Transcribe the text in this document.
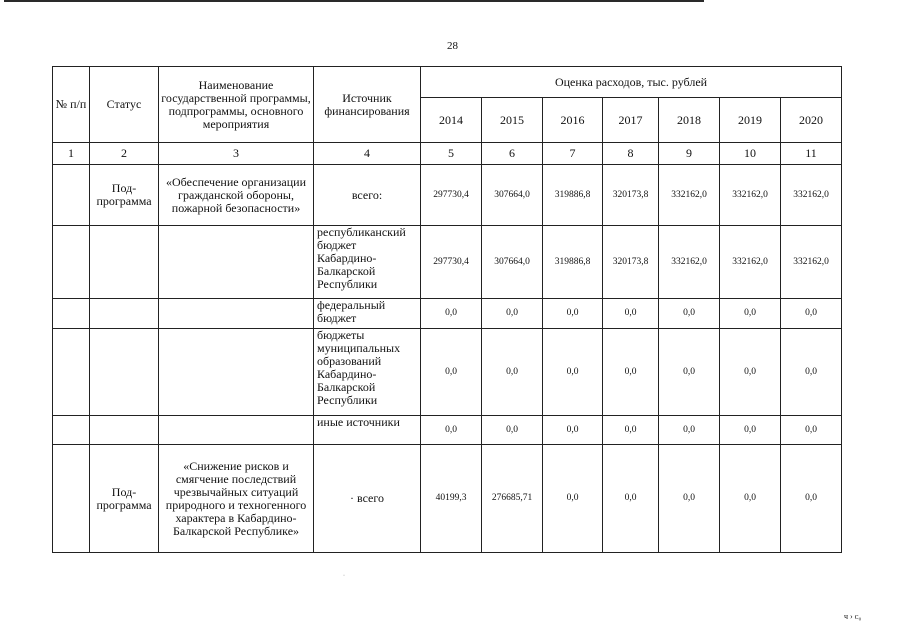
28
№ п/п	Статус	Наименование государственной программы, подпрограммы, основного мероприятия	Источник финансирования	Оценка расходов, тыс. рублей						
				2014	2015	2016	2017	2018	2019	2020
1	2	3	4	5	6	7	8	9	10	11
	Под-программа	«Обеспечение организации гражданской обороны, пожарной безопасности»	всего:	297730,4	307664,0	319886,8	320173,8	332162,0	332162,0	332162,0
			республиканский бюджет Кабардино-Балкарской Республики	297730,4	307664,0	319886,8	320173,8	332162,0	332162,0	332162,0
			федеральный бюджет	0,0	0,0	0,0	0,0	0,0	0,0	0,0
			бюджеты муниципальных образований Кабардино-Балкарской Республики	0,0	0,0	0,0	0,0	0,0	0,0	0,0
			иные источники	0,0	0,0	0,0	0,0	0,0	0,0	0,0
	Под-программа	«Снижение рисков и смягчение последствий чрезвычайных ситуаций природного и техногенного характера в Кабардино-Балкарской Республике»	· всего	40199,3	276685,71	0,0	0,0	0,0	0,0	0,0
·
ч › ᴄ₀
